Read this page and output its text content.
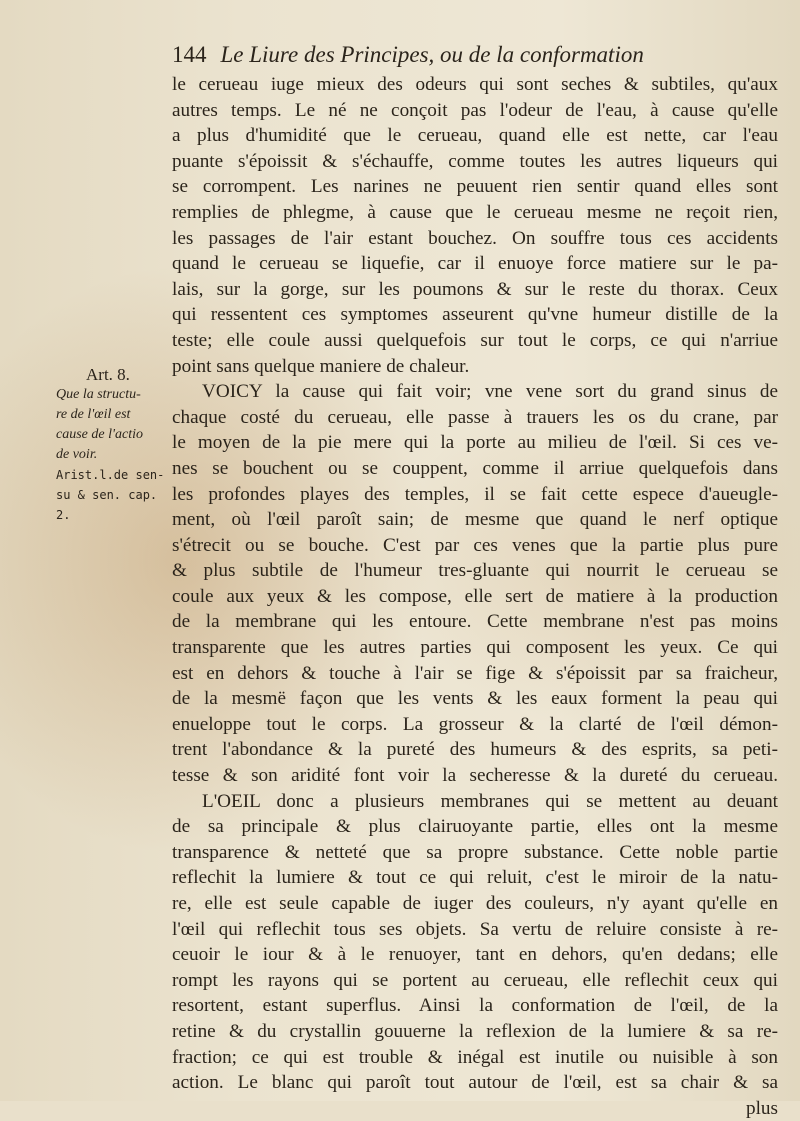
144 Le Liure des Principes, ou de la conformation
Art. 8.
Que la structu-
re de l'œil est
cause de l'actio
de voir.
Arist.l.de sen-
su & sen. cap.
2.
le cerueau iuge mieux des odeurs qui sont seches & subtiles, qu'aux
autres temps. Le né ne conçoit pas l'odeur de l'eau, à cause qu'elle
a plus d'humidité que le cerueau, quand elle est nette, car l'eau
puante s'époissit & s'échauffe, comme toutes les autres liqueurs qui
se corrompent. Les narines ne peuuent rien sentir quand elles sont
remplies de phlegme, à cause que le cerueau mesme ne reçoit rien,
les passages de l'air estant bouchez. On souffre tous ces accidents
quand le cerueau se liquefie, car il enuoye force matiere sur le pa-
lais, sur la gorge, sur les poumons & sur le reste du thorax. Ceux
qui ressentent ces symptomes asseurent qu'vne humeur distille de la
teste; elle coule aussi quelquefois sur tout le corps, ce qui n'arriue
point sans quelque maniere de chaleur.
VOICY la cause qui fait voir; vne vene sort du grand sinus de
chaque costé du cerueau, elle passe à trauers les os du crane, par
le moyen de la pie mere qui la porte au milieu de l'œil. Si ces ve-
nes se bouchent ou se couppent, comme il arriue quelquefois dans
les profondes playes des temples, il se fait cette espece d'aueugle-
ment, où l'œil paroît sain; de mesme que quand le nerf optique
s'étrecit ou se bouche. C'est par ces venes que la partie plus pure
& plus subtile de l'humeur tres-gluante qui nourrit le cerueau se
coule aux yeux & les compose, elle sert de matiere à la production
de la membrane qui les entoure. Cette membrane n'est pas moins
transparente que les autres parties qui composent les yeux. Ce qui
est en dehors & touche à l'air se fige & s'époissit par sa fraicheur,
de la mesmë façon que les vents & les eaux forment la peau qui
enueloppe tout le corps. La grosseur & la clarté de l'œil démon-
trent l'abondance & la pureté des humeurs & des esprits, sa peti-
tesse & son aridité font voir la secheresse & la dureté du cerueau.
L'OEIL donc a plusieurs membranes qui se mettent au deuant
de sa principale & plus clairuoyante partie, elles ont la mesme
transparence & netteté que sa propre substance. Cette noble partie
reflechit la lumiere & tout ce qui reluit, c'est le miroir de la natu-
re, elle est seule capable de iuger des couleurs, n'y ayant qu'elle en
l'œil qui reflechit tous ses objets. Sa vertu de reluire consiste à re-
ceuoir le iour & à le renuoyer, tant en dehors, qu'en dedans; elle
rompt les rayons qui se portent au cerueau, elle reflechit ceux qui
resortent, estant superflus. Ainsi la conformation de l'œil, de la
retine & du crystallin gouuerne la reflexion de la lumiere & sa re-
fraction; ce qui est trouble & inégal est inutile ou nuisible à son
action. Le blanc qui paroît tout autour de l'œil, est sa chair & sa
plus
